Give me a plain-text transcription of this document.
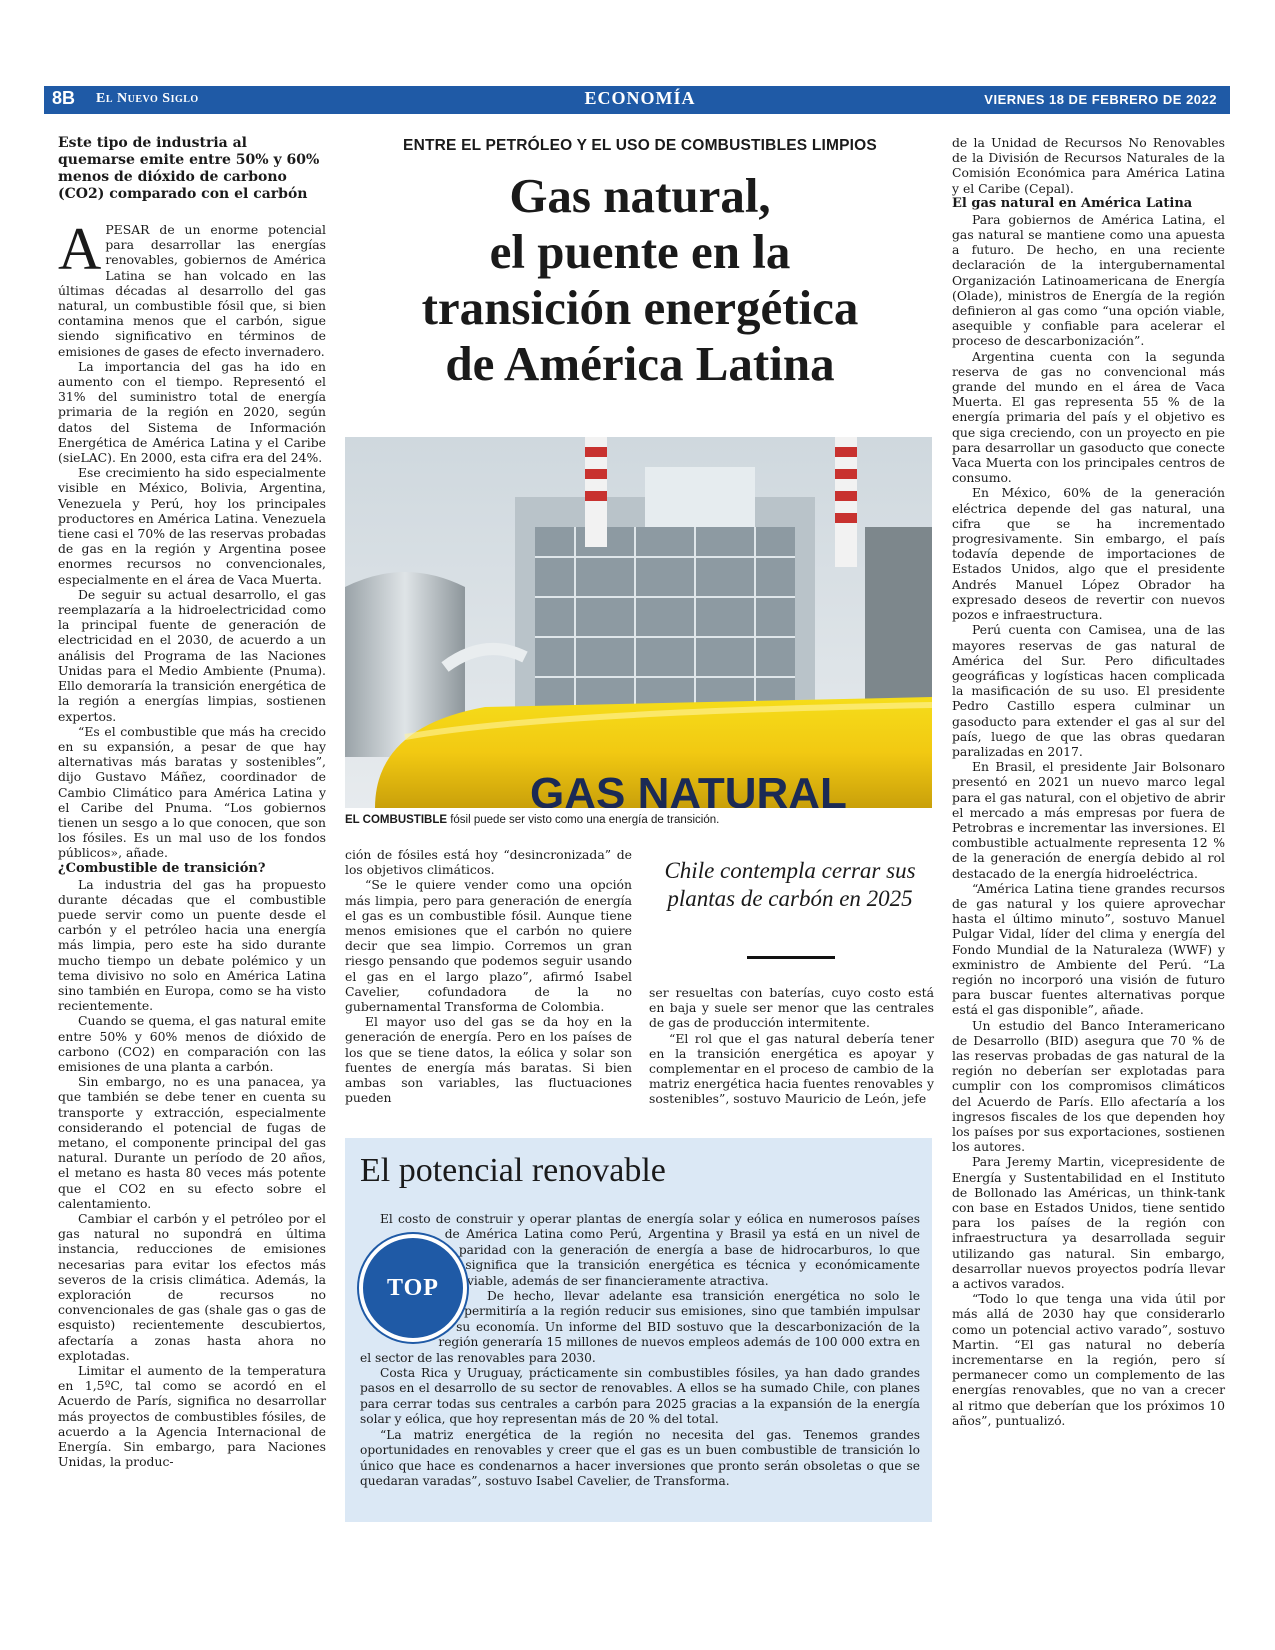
8B El Nuevo Siglo	ECONOMÍA	VIERNES 18 DE FEBRERO DE 2022
Este tipo de industria al quemarse emite entre 50% y 60% menos de dióxido de carbono (CO2) comparado con el carbón
ENTRE EL PETRÓLEO Y EL USO DE COMBUSTIBLES LIMPIOS
Gas natural,
el puente en la
transición energética
de América Latina
GAS NATURAL
EL COMBUSTIBLE fósil puede ser visto como una energía de transición.

APESAR de un enorme potencial para desarrollar las energías renovables, gobiernos de América Latina se han volcado en las últimas décadas al desarrollo del gas natural, un combustible fósil que, si bien contamina menos que el carbón, sigue siendo significativo en términos de emisiones de gases de efecto invernadero.

La importancia del gas ha ido en aumento con el tiempo. Representó el 31% del suministro total de energía primaria de la región en 2020, según datos del Sistema de Información Energética de América Latina y el Caribe (sieLAC). En 2000, esta cifra era del 24%.

Ese crecimiento ha sido especialmente visible en México, Bolivia, Argentina, Venezuela y Perú, hoy los principales productores en América Latina. Venezuela tiene casi el 70% de las reservas probadas de gas en la región y Argentina posee enormes recursos no convencionales, especialmente en el área de Vaca Muerta.

De seguir su actual desarrollo, el gas reemplazaría a la hidroelectricidad como la principal fuente de generación de electricidad en el 2030, de acuerdo a un análisis del Programa de las Naciones Unidas para el Medio Ambiente (Pnuma). Ello demoraría la transición energética de la región a energías limpias, sostienen expertos.

“Es el combustible que más ha crecido en su expansión, a pesar de que hay alternativas más baratas y sostenibles”, dijo Gustavo Máñez, coordinador de Cambio Climático para América Latina y el Caribe del Pnuma. “Los gobiernos tienen un sesgo a lo que conocen, que son los fósiles. Es un mal uso de los fondos públicos», añade.

¿Combustible de transición?

La industria del gas ha propuesto durante décadas que el combustible puede servir como un puente desde el carbón y el petróleo hacia una energía más limpia, pero este ha sido durante mucho tiempo un debate polémico y un tema divisivo no solo en América Latina sino también en Europa, como se ha visto recientemente.

Cuando se quema, el gas natural emite entre 50% y 60% menos de dióxido de carbono (CO2) en comparación con las emisiones de una planta a carbón.

Sin embargo, no es una panacea, ya que también se debe tener en cuenta su transporte y extracción, especialmente considerando el potencial de fugas de metano, el componente principal del gas natural. Durante un período de 20 años, el metano es hasta 80 veces más potente que el CO2 en su efecto sobre el calentamiento.

Cambiar el carbón y el petróleo por el gas natural no supondrá en última instancia, reducciones de emisiones necesarias para evitar los efectos más severos de la crisis climática. Además, la exploración de recursos no convencionales de gas (shale gas o gas de esquisto) recientemente descubiertos, afectaría a zonas hasta ahora no explotadas.

Limitar el aumento de la temperatura en 1,5ºC, tal como se acordó en el Acuerdo de París, significa no desarrollar más proyectos de combustibles fósiles, de acuerdo a la Agencia Internacional de Energía. Sin embargo, para Naciones Unidas, la produc-

ción de fósiles está hoy “desincronizada” de los objetivos climáticos.

“Se le quiere vender como una opción más limpia, pero para generación de energía el gas es un combustible fósil. Aunque tiene menos emisiones que el carbón no quiere decir que sea limpio. Corremos un gran riesgo pensando que podemos seguir usando el gas en el largo plazo”, afirmó Isabel Cavelier, cofundadora de la no gubernamental Transforma de Colombia.

El mayor uso del gas se da hoy en la generación de energía. Pero en los países de los que se tiene datos, la eólica y solar son fuentes de energía más baratas. Si bien ambas son variables, las fluctuaciones pueden

Chile contempla cerrar sus plantas de carbón en 2025

ser resueltas con baterías, cuyo costo está en baja y suele ser menor que las centrales de gas de producción intermitente.

“El rol que el gas natural debería tener en la transición energética es apoyar y complementar en el proceso de cambio de la matriz energética hacia fuentes renovables y sostenibles”, sostuvo Mauricio de León, jefe

de la Unidad de Recursos No Renovables de la División de Recursos Naturales de la Comisión Económica para América Latina y el Caribe (Cepal).

El gas natural en América Latina

Para gobiernos de América Latina, el gas natural se mantiene como una apuesta a futuro. De hecho, en una reciente declaración de la intergubernamental Organización Latinoamericana de Energía (Olade), ministros de Energía de la región definieron al gas como “una opción viable, asequible y confiable para acelerar el proceso de descarbonización”.

Argentina cuenta con la segunda reserva de gas no convencional más grande del mundo en el área de Vaca Muerta. El gas representa 55 % de la energía primaria del país y el objetivo es que siga creciendo, con un proyecto en pie para desarrollar un gasoducto que conecte Vaca Muerta con los principales centros de consumo.

En México, 60% de la generación eléctrica depende del gas natural, una cifra que se ha incrementado progresivamente. Sin embargo, el país todavía depende de importaciones de Estados Unidos, algo que el presidente Andrés Manuel López Obrador ha expresado deseos de revertir con nuevos pozos e infraestructura.

Perú cuenta con Camisea, una de las mayores reservas de gas natural de América del Sur. Pero dificultades geográficas y logísticas hacen complicada la masificación de su uso. El presidente Pedro Castillo espera culminar un gasoducto para extender el gas al sur del país, luego de que las obras quedaran paralizadas en 2017.

En Brasil, el presidente Jair Bolsonaro presentó en 2021 un nuevo marco legal para el gas natural, con el objetivo de abrir el mercado a más empresas por fuera de Petrobras e incrementar las inversiones. El combustible actualmente representa 12 % de la generación de energía debido al rol destacado de la energía hidroeléctrica.

“América Latina tiene grandes recursos de gas natural y los quiere aprovechar hasta el último minuto”, sostuvo Manuel Pulgar Vidal, líder del clima y energía del Fondo Mundial de la Naturaleza (WWF) y exministro de Ambiente del Perú. “La región no incorporó una visión de futuro para buscar fuentes alternativas porque está el gas disponible”, añade.

Un estudio del Banco Interamericano de Desarrollo (BID) asegura que 70 % de las reservas probadas de gas natural de la región no deberían ser explotadas para cumplir con los compromisos climáticos del Acuerdo de París. Ello afectaría a los ingresos fiscales de los que dependen hoy los países por sus exportaciones, sostienen los autores.

Para Jeremy Martin, vicepresidente de Energía y Sustentabilidad en el Instituto de Bollonado las Américas, un think-tank con base en Estados Unidos, tiene sentido para los países de la región con infraestructura ya desarrollada seguir utilizando gas natural. Sin embargo, desarrollar nuevos proyectos podría llevar a activos varados.

“Todo lo que tenga una vida útil por más allá de 2030 hay que considerarlo como un potencial activo varado”, sostuvo Martin. “El gas natural no debería incrementarse en la región, pero sí permanecer como un complemento de las energías renovables, que no van a crecer al ritmo que deberían que los próximos 10 años”, puntualizó.

El potencial renovable

El costo de construir y operar plantas de energía solar y eólica en numerosos países de América Latina como Perú, Argentina y Brasil ya está en un nivel de paridad con la generación de energía a base de hidrocarburos, lo que significa que la transición energética es técnica y económicamente viable, además de ser financieramente atractiva.

De hecho, llevar adelante esa transición energética no solo le permitiría a la región reducir sus emisiones, sino que también impulsar su economía. Un informe del BID sostuvo que la descarbonización de la región generaría 15 millones de nuevos empleos además de 100 000 extra en el sector de las renovables para 2030.

Costa Rica y Uruguay, prácticamente sin combustibles fósiles, ya han dado grandes pasos en el desarrollo de su sector de renovables. A ellos se ha sumado Chile, con planes para cerrar todas sus centrales a carbón para 2025 gracias a la expansión de la energía solar y eólica, que hoy representan más de 20 % del total.

“La matriz energética de la región no necesita del gas. Tenemos grandes oportunidades en renovables y creer que el gas es un buen combustible de transición lo único que hace es condenarnos a hacer inversiones que pronto serán obsoletas o que se quedaran varadas”, sostuvo Isabel Cavelier, de Transforma.

TOP
